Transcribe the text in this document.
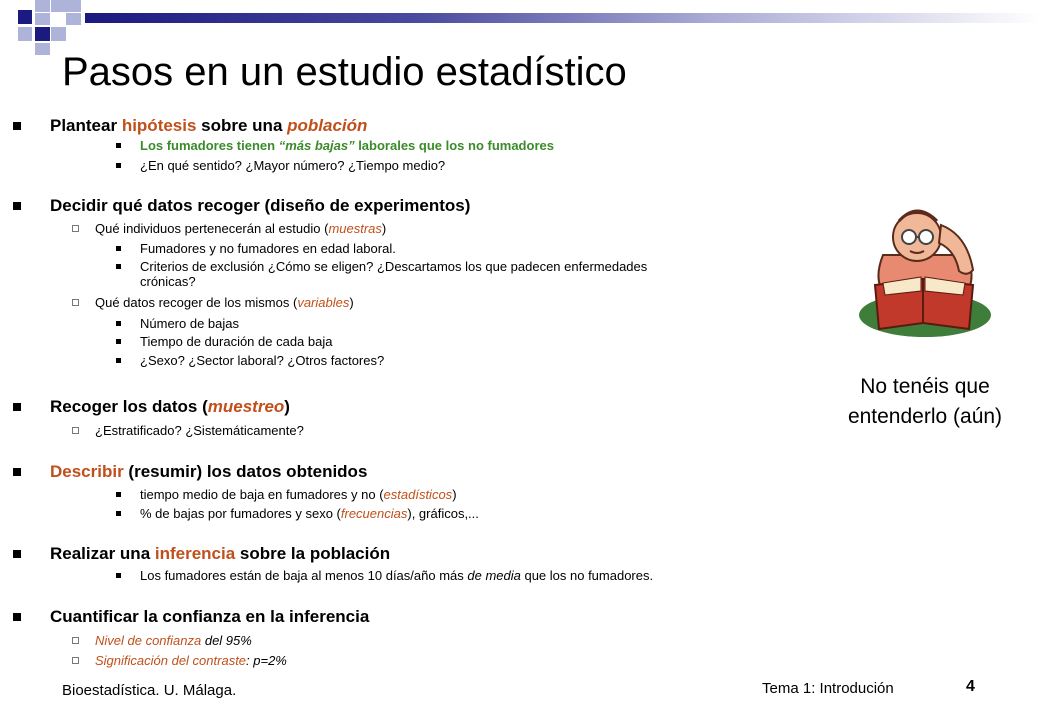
Pasos en un estudio estadístico
Plantear hipótesis sobre una población
Los fumadores tienen “más bajas” laborales que los no fumadores
¿En qué sentido? ¿Mayor número? ¿Tiempo medio?
Decidir qué datos recoger (diseño de experimentos)
Qué individuos pertenecerán al estudio (muestras)
Fumadores y no fumadores en edad laboral.
Criterios de exclusión ¿Cómo se eligen? ¿Descartamos los que padecen enfermedades
crónicas?
Qué datos recoger de los mismos (variables)
Número de bajas
Tiempo de duración de cada baja
¿Sexo? ¿Sector laboral? ¿Otros factores?
Recoger los datos (muestreo)
¿Estratificado? ¿Sistemáticamente?
Describir (resumir) los datos obtenidos
tiempo medio de baja en fumadores y no (estadísticos)
% de bajas por fumadores y sexo (frecuencias), gráficos,...
Realizar una inferencia sobre la población
Los fumadores están de baja al menos 10 días/año más de media que los no fumadores.
Cuantificar la confianza en la inferencia
Nivel de confianza del 95%
Significación del contraste: p=2%
No tenéis que
entenderlo (aún)
Bioestadística. U. Málaga.	Tema 1: Introdución	4
